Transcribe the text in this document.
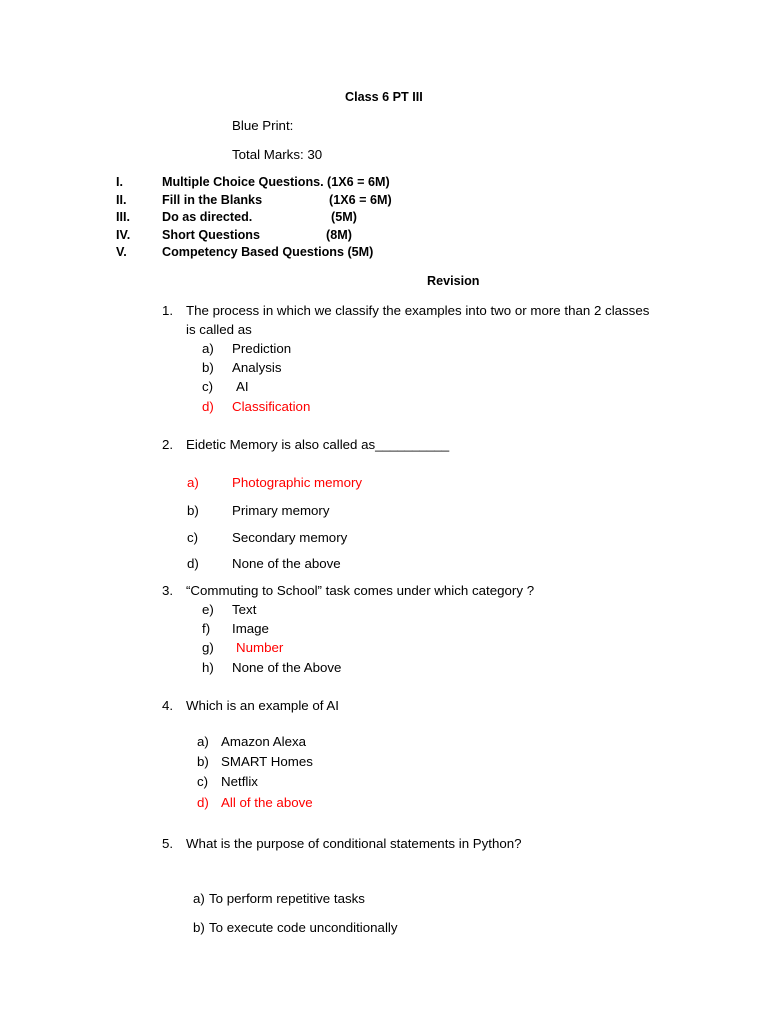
Class 6 PT III
Blue Print:
Total Marks: 30
I.	Multiple Choice Questions. (1X6 = 6M)
II.	Fill in the Blanks	(1X6 = 6M)
III.	Do as directed.	(5M)
IV.	Short Questions	(8M)
V.	Competency Based Questions (5M)
Revision
1. The process in which we classify the examples into two or more than 2 classes
is called as
a) Prediction
b) Analysis
c) AI
d) Classification
2. Eidetic Memory is also called as__________
a) Photographic memory
b) Primary memory
c)	Secondary memory
d) None of the above
3. “Commuting to School” task comes under which category ?
e) Text
f) Image
g) Number
h) None of the Above
4. Which is an example of AI
a) Amazon Alexa
b) SMART Homes
c) Netflix
d) All of the above
5. What is the purpose of conditional statements in Python?
a) To perform repetitive tasks
b) To execute code unconditionally
